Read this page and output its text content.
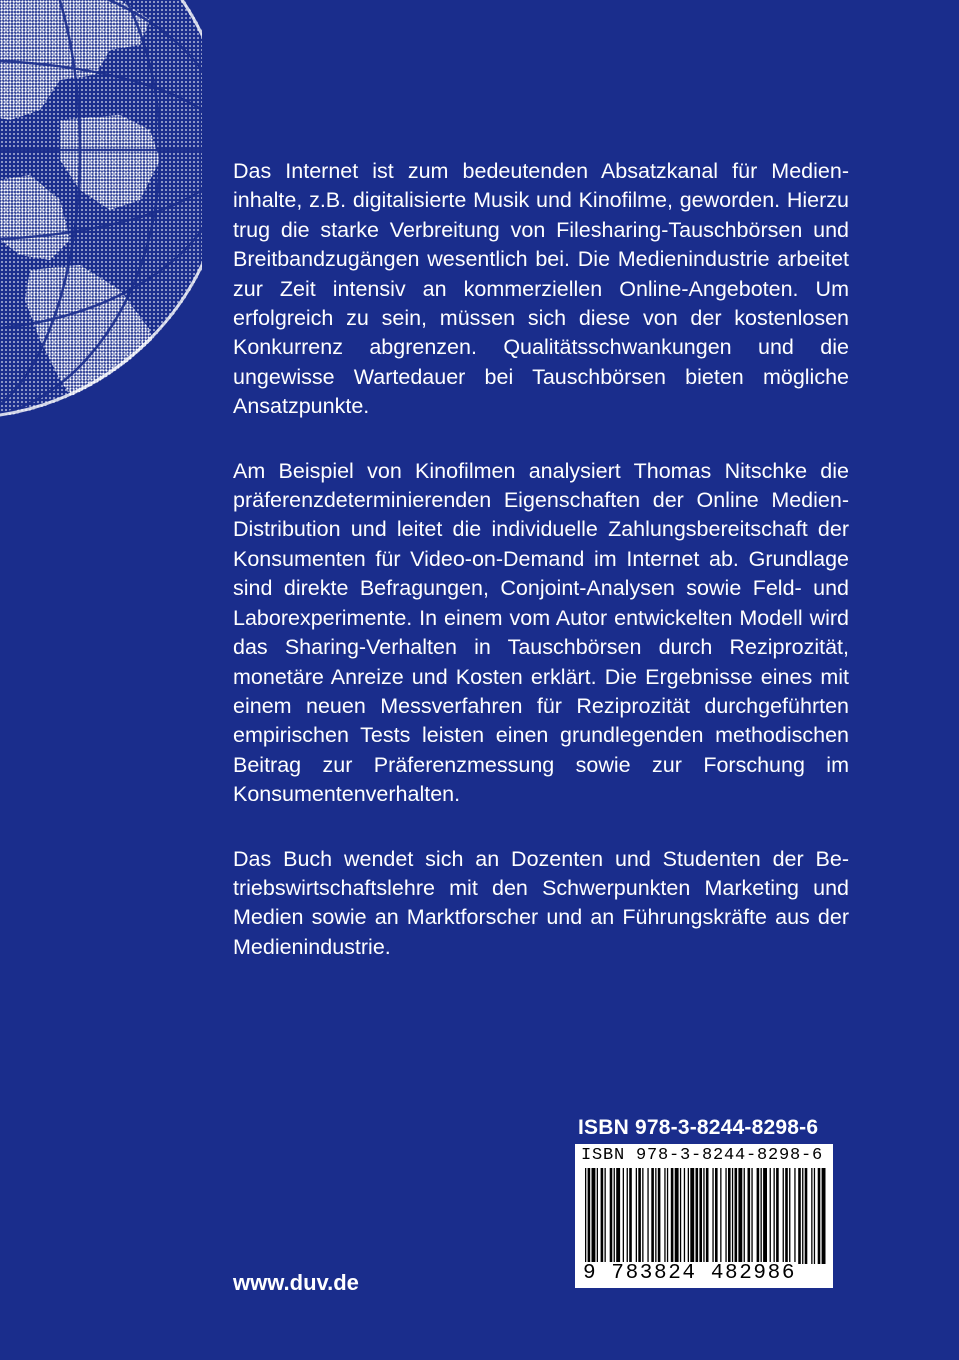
Das Internet ist zum bedeutenden Absatzkanal für Medieninhalte, z.B. digitalisierte Musik und Kinofilme, geworden. Hierzu trug die starke Verbreitung von Filesharing-Tauschbörsen und Breitbandzugängen wesentlich bei. Die Medienindustrie arbeitet zur Zeit intensiv an kommerziellen Online-Angeboten. Um erfolgreich zu sein, müssen sich diese von der kostenlosen Konkurrenz abgrenzen. Qualitätsschwankungen und die ungewisse Wartedauer bei Tauschbörsen bieten mögliche Ansatzpunkte.

Am Beispiel von Kinofilmen analysiert Thomas Nitschke die präferenzdeterminierenden Eigenschaften der Online Medien-Distribution und leitet die individuelle Zahlungsbereitschaft der Konsumenten für Video-on-Demand im Internet ab. Grundlage sind direkte Befragungen, Conjoint-Analysen sowie Feld- und Laborexperimente. In einem vom Autor entwickelten Modell wird das Sharing-Verhalten in Tauschbörsen durch Reziprozität, monetäre Anreize und Kosten erklärt. Die Ergebnisse eines mit einem neuen Messverfahren für Reziprozität durchgeführten empirischen Tests leisten einen grundlegenden methodischen Beitrag zur Präferenzmessung sowie zur Forschung im Konsumentenverhalten.

Das Buch wendet sich an Dozenten und Studenten der Betriebswirtschaftslehre mit den Schwerpunkten Marketing und Medien sowie an Marktforscher und an Führungskräfte aus der Medienindustrie.

ISBN 978-3-8244-8298-6
ISBN 978-3-8244-8298-6
9 783824 482986
www.duv.de
